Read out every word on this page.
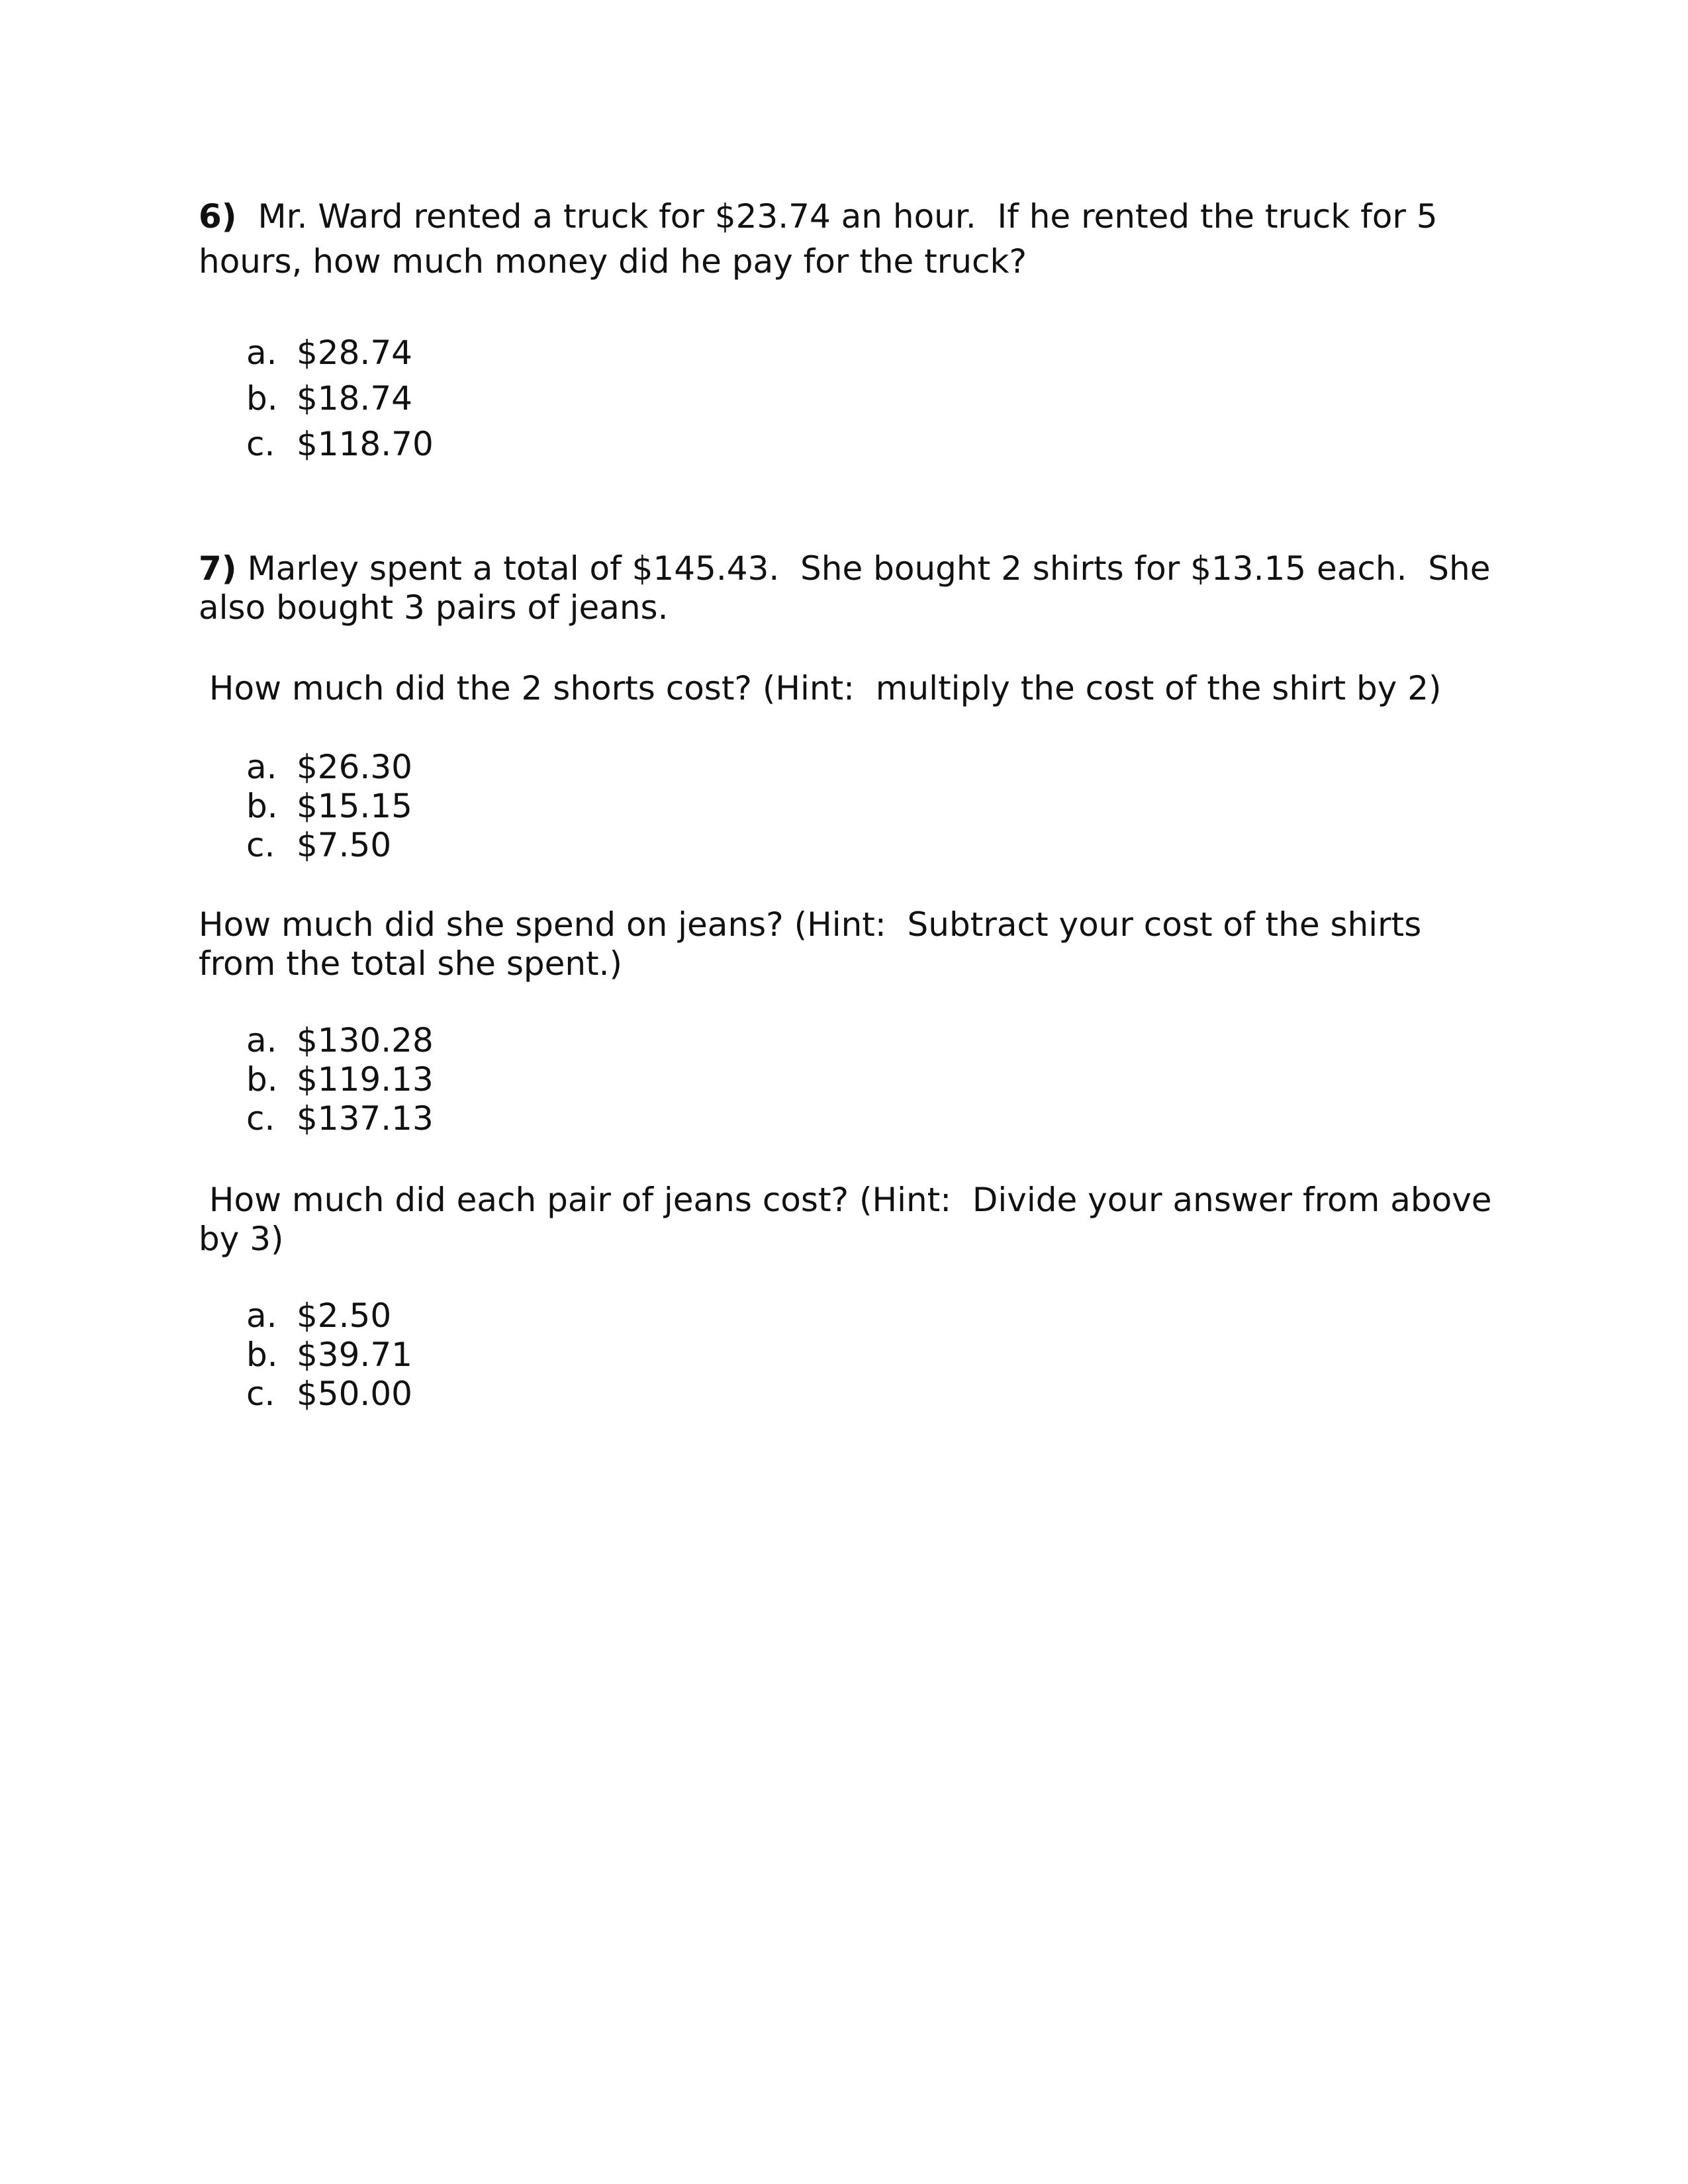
6) Mr. Ward rented a truck for $23.74 an hour.  If he rented the truck for 5 hours, how much money did he pay for the truck?

a. $28.74
b. $18.74
c. $118.70

7) Marley spent a total of $145.43.  She bought 2 shirts for $13.15 each.  She also bought 3 pairs of jeans.

How much did the 2 shorts cost? (Hint:  multiply the cost of the shirt by 2)

a. $26.30
b. $15.15
c. $7.50

How much did she spend on jeans? (Hint:  Subtract your cost of the shirts from the total she spent.)

a. $130.28
b. $119.13
c. $137.13

How much did each pair of jeans cost? (Hint:  Divide your answer from above by 3)

a. $2.50
b. $39.71
c. $50.00
